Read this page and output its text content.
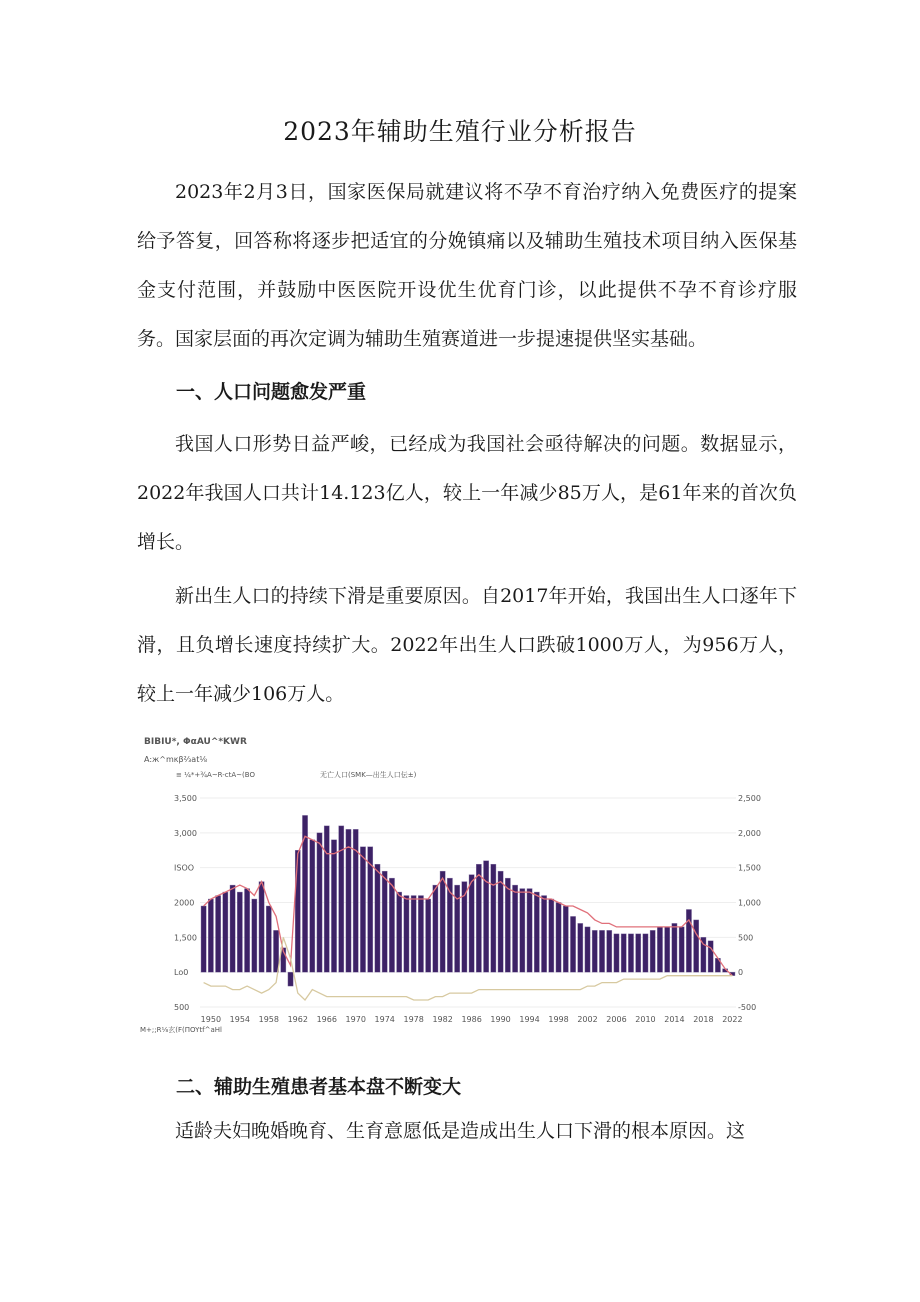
2023年辅助生殖行业分析报告

2023年2月3日，国家医保局就建议将不孕不育治疗纳入免费医疗的提案给予答复，回答称将逐步把适宜的分娩镇痛以及辅助生殖技术项目纳入医保基金支付范围，并鼓励中医医院开设优生优育门诊，以此提供不孕不育诊疗服务。国家层面的再次定调为辅助生殖赛道进一步提速提供坚实基础。

一、人口问题愈发严重

我国人口形势日益严峻，已经成为我国社会亟待解决的问题。数据显示，2022年我国人口共计14.123亿人，较上一年减少85万人，是61年来的首次负增长。

新出生人口的持续下滑是重要原因。自2017年开始，我国出生人口逐年下滑，且负增长速度持续扩大。2022年出生人口跌破1000万人，为956万人，较上一年减少106万人。

BIBIU*, ΦαAU^*KWR
A:ж^mκβ⅔at⅛
≡ ¼*+¾A~R-ctA~(BO	无亡人口(SMK—出生人口伝±)
3,500
3,000
ISOO
2000
1,500
Lo0
500
2,500
2,000
1,500
1,000
500
0
-500
1950 1954 1958 1962 1966 1970 1974 1978 1982 1986 1990 1994 1998 2002 2006 2010 2014 2018 2022
M+;;R⅛玄(F(ΠOYtf^aHl
二、辅助生殖患者基本盘不断变大

适龄夫妇晚婚晚育、生育意愿低是造成出生人口下滑的根本原因。这
